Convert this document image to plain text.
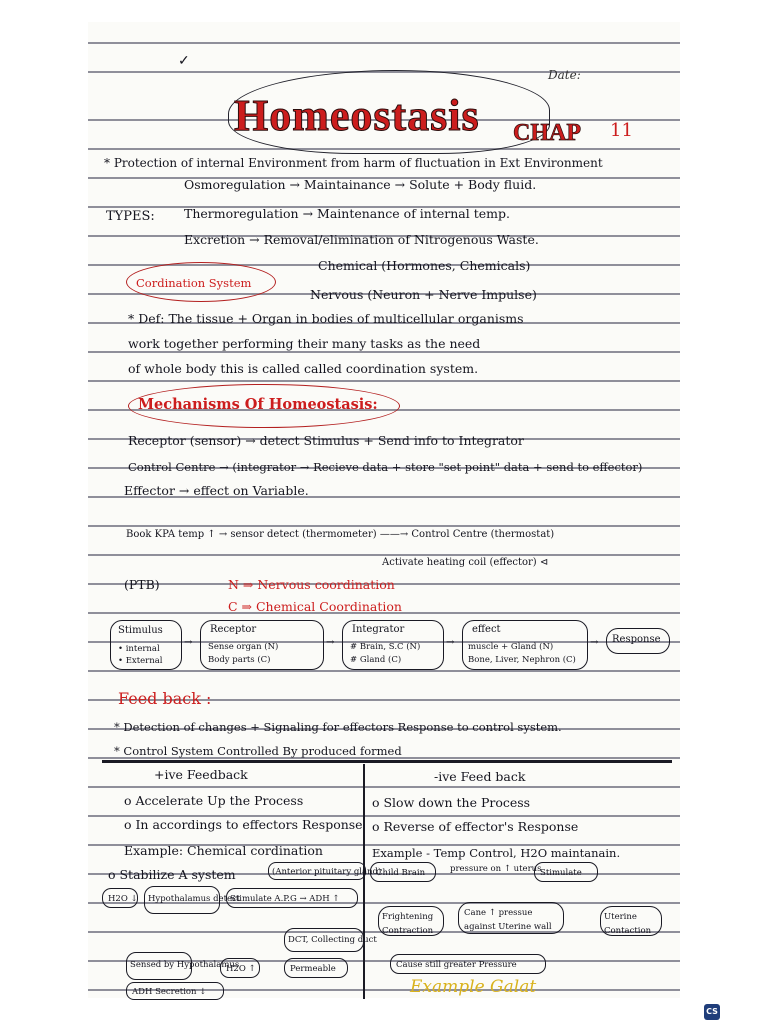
✓
Date:
Homeostasis CHAP 11
* Protection of internal Environment from harm of fluctuation in Ext Environment
TYPES:
Osmoregulation → Maintainance → Solute + Body fluid.
Thermoregulation → Maintenance of internal temp.
Excretion → Removal/elimination of Nitrogenous Waste.
Cordination System
Chemical (Hormones, Chemicals)
Nervous (Neuron + Nerve Impulse)
* Def: The tissue + Organ in bodies of multicellular organisms
work together performing their many tasks as the need
of whole body this is called called coordination system.
Mechanisms Of Homeostasis:
Receptor (sensor) → detect Stimulus + Send info to Integrator
Control Centre → (integrator → Recieve data + store "set point" data + send to effector)
Effector → effect on Variable.
Book KPA temp ↑ → sensor detect (thermometer) ——→ Control Centre (thermostat)
Activate heating coil (effector) ⊲
(PTB)	N ⇒ Nervous coordination
C ⇒ Chemical Coordination
Stimulus
• internal
• External
→
Receptor
Sense organ (N)
Body parts (C)
→
Integrator
# Brain, S.C (N)
# Gland (C)
→
effect
muscle + Gland (N)
Bone, Liver, Nephron (C)
→ Response
Feed back :
* Detection of changes + Signaling for effectors Response to control system.
* Control System Controlled By produced formed
+ive Feedback
o Accelerate Up the Process
o In accordings to effectors Response
Example: Chemical cordination
o Stabilize A system
-ive Feed back
o Slow down the Process
o Reverse of effector's Response
Example - Temp Control, H2O maintanain.
(Anterior pituitary gland)
H2O ↓ Hypothalamus detect
Stimulate A.P.G → ADH ↑
DCT, Collecting duct
Sensed by Hypothalamus
H2O ↑	Permeable
ADH Secretion ↓
Child Brain	pressure on ↑ uterus
Stimulate
Frightening Contraction
Cane ↑ pressue against Uterine wall
Uterine Contaction
Cause still greater Pressure
Example Galat
CS
